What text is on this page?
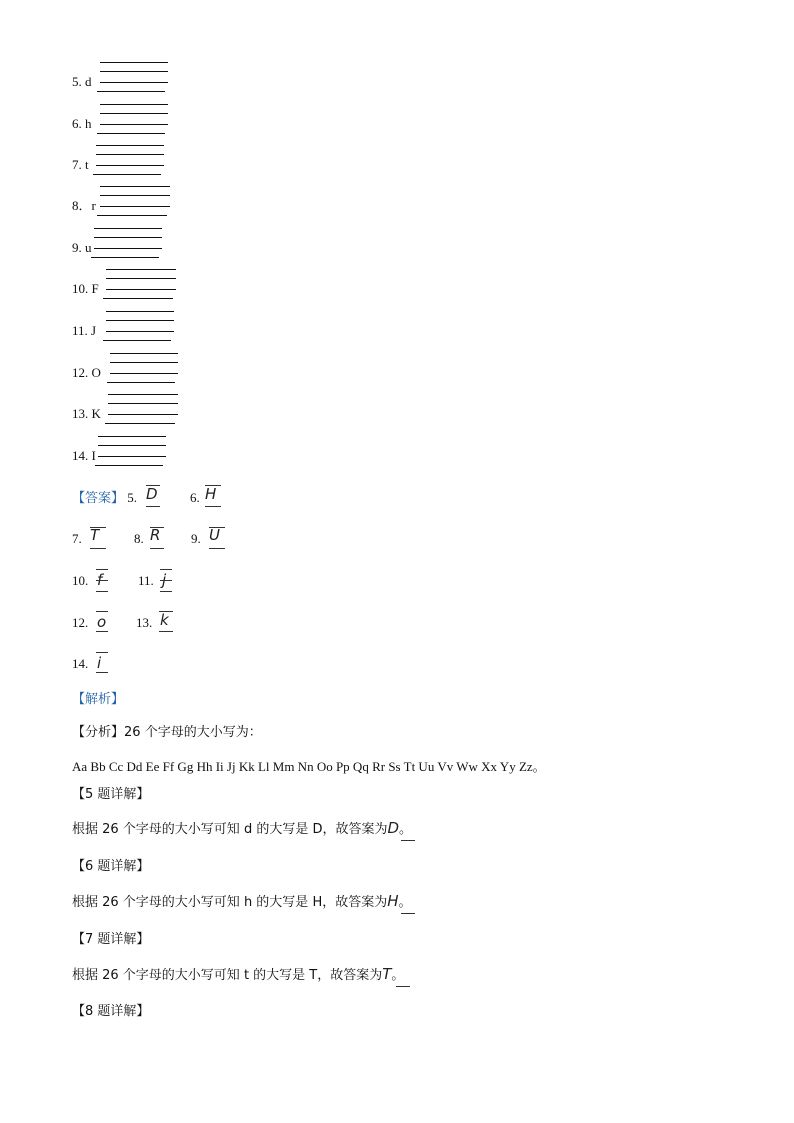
5. d
6. h
7. t
8．r
9. u
10. F
11. J
12. O
13. K
14. I
【答案】 5. D 6. H
7. T	8. R 9. U
10. f	11. j
12. o 13. k
14. i
【解析】
【分析】26 个字母的大小写为：
Aa Bb Cc Dd Ee Ff Gg Hh Ii Jj Kk Ll Mm Nn Oo Pp Qq Rr Ss Tt Uu Vv Ww Xx Yy Zz。
【5 题详解】
根据 26 个字母的大小写可知 d 的大写是 D，故答案为D。
【6 题详解】
根据 26 个字母的大小写可知 h 的大写是 H，故答案为H。
【7 题详解】
根据 26 个字母的大小写可知 t 的大写是 T，故答案为T。
【8 题详解】
